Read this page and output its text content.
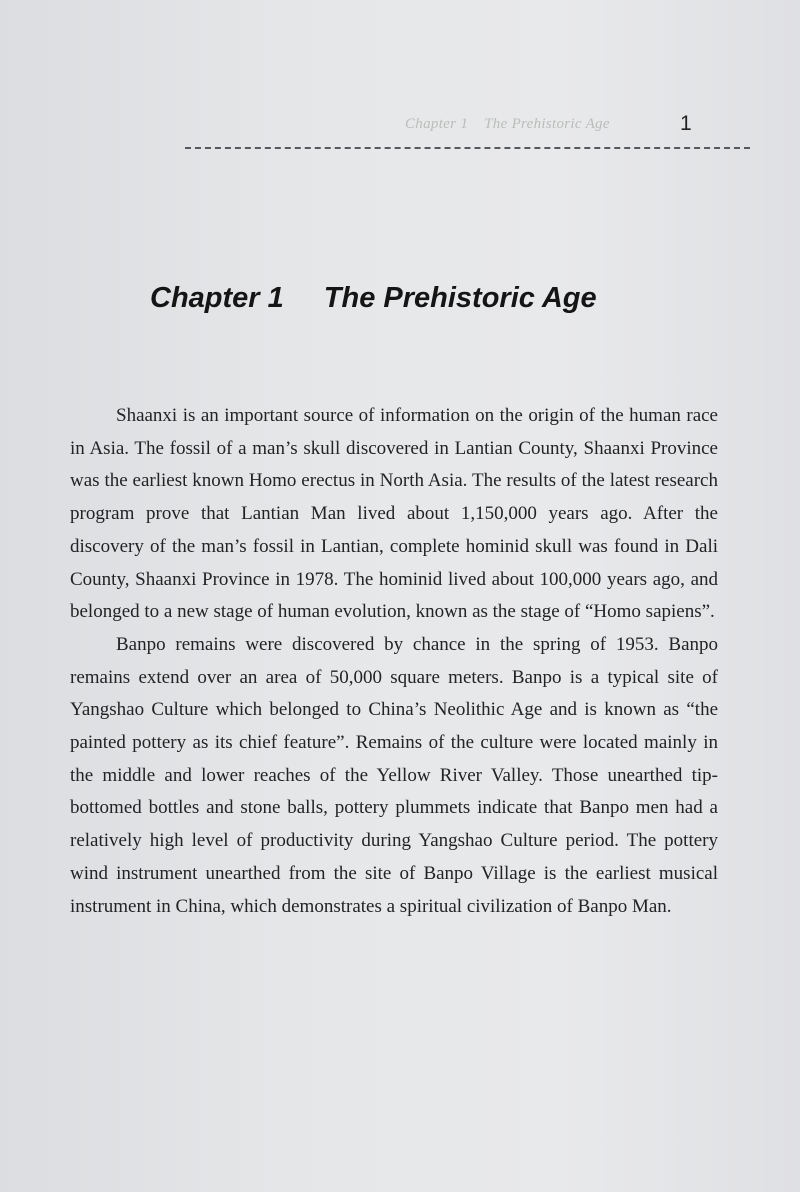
Chapter 1 The Prehistoric Age	1
Chapter 1 The Prehistoric Age

Shaanxi is an important source of information on the origin of the human race in Asia. The fossil of a man’s skull discovered in Lantian County, Shaanxi Province was the earliest known Homo erectus in North Asia. The results of the latest research program prove that Lantian Man lived about 1,150,000 years ago. After the discovery of the man’s fossil in Lantian, complete hominid skull was found in Dali County, Shaanxi Province in 1978. The hominid lived about 100,000 years ago, and belonged to a new stage of human evolution, known as the stage of “Homo sapiens”.

Banpo remains were discovered by chance in the spring of 1953. Banpo remains extend over an area of 50,000 square meters. Banpo is a typical site of Yangshao Culture which belonged to China’s Neolithic Age and is known as “the painted pottery as its chief feature”. Remains of the culture were located mainly in the middle and lower reaches of the Yellow River Valley. Those unearthed tip-bottomed bottles and stone balls, pottery plummets indicate that Banpo men had a relatively high level of productivity during Yangshao Culture period. The pottery wind instrument unearthed from the site of Banpo Village is the earliest musical instrument in China, which demonstrates a spiritual civilization of Banpo Man.
